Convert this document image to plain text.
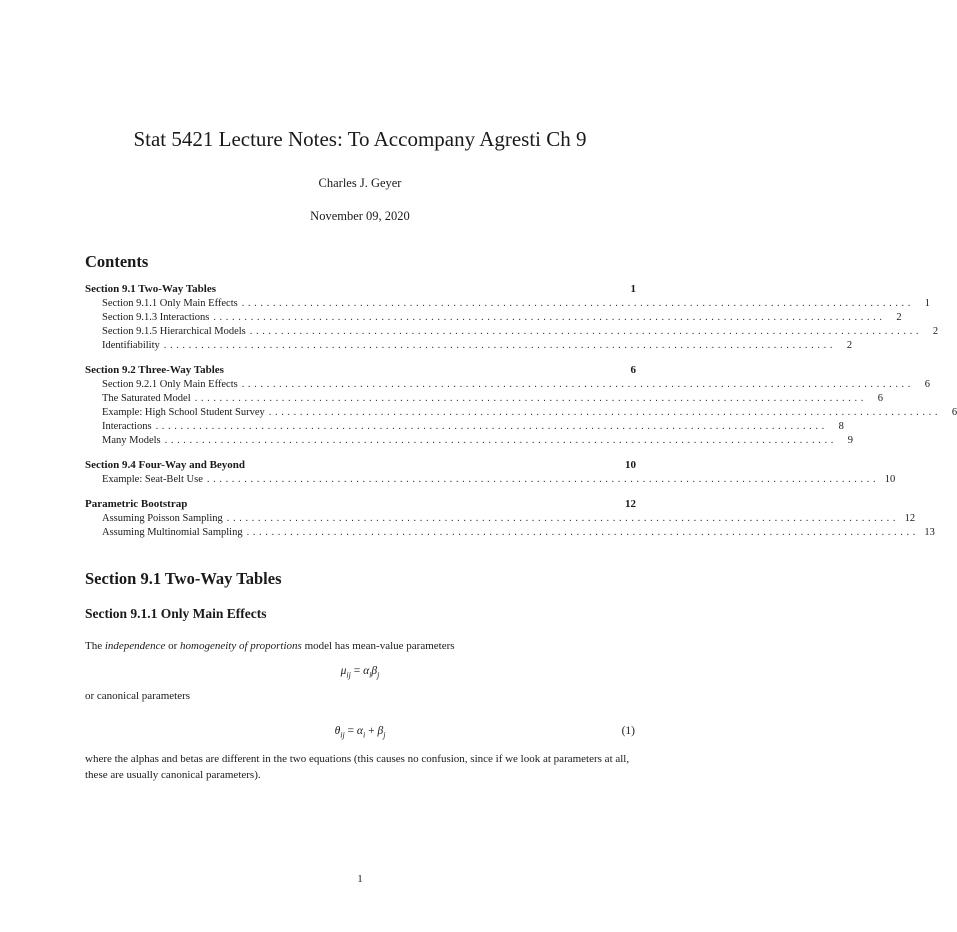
Stat 5421 Lecture Notes: To Accompany Agresti Ch 9
Charles J. Geyer
November 09, 2020
Contents
Section 9.1 Two-Way Tables	1
Section 9.1.1 Only Main Effects ............................................................................................................	1
Section 9.1.3 Interactions ............................................................................................................	2
Section 9.1.5 Hierarchical Models ............................................................................................................	2
Identifiability ............................................................................................................	2
Section 9.2 Three-Way Tables	6
Section 9.2.1 Only Main Effects ............................................................................................................	6
The Saturated Model ............................................................................................................	6
Example: High School Student Survey ............................................................................................................	6
Interactions ............................................................................................................	8
Many Models ............................................................................................................	9
Section 9.4 Four-Way and Beyond	10
Example: Seat-Belt Use ............................................................................................................ 10
Parametric Bootstrap	12
Assuming Poisson Sampling ............................................................................................................ 12
Assuming Multinomial Sampling ............................................................................................................ 13
Section 9.1 Two-Way Tables
Section 9.1.1 Only Main Effects
The independence or homogeneity of proportions model has mean-value parameters
$\mu_{ij} = \alpha_i\beta_j$
or canonical parameters
$\theta_{ij} = \alpha_i + \beta_j$	(1)
where the alphas and betas are different in the two equations (this causes no confusion, since if we look at parameters at all, these are usually canonical parameters).
1
